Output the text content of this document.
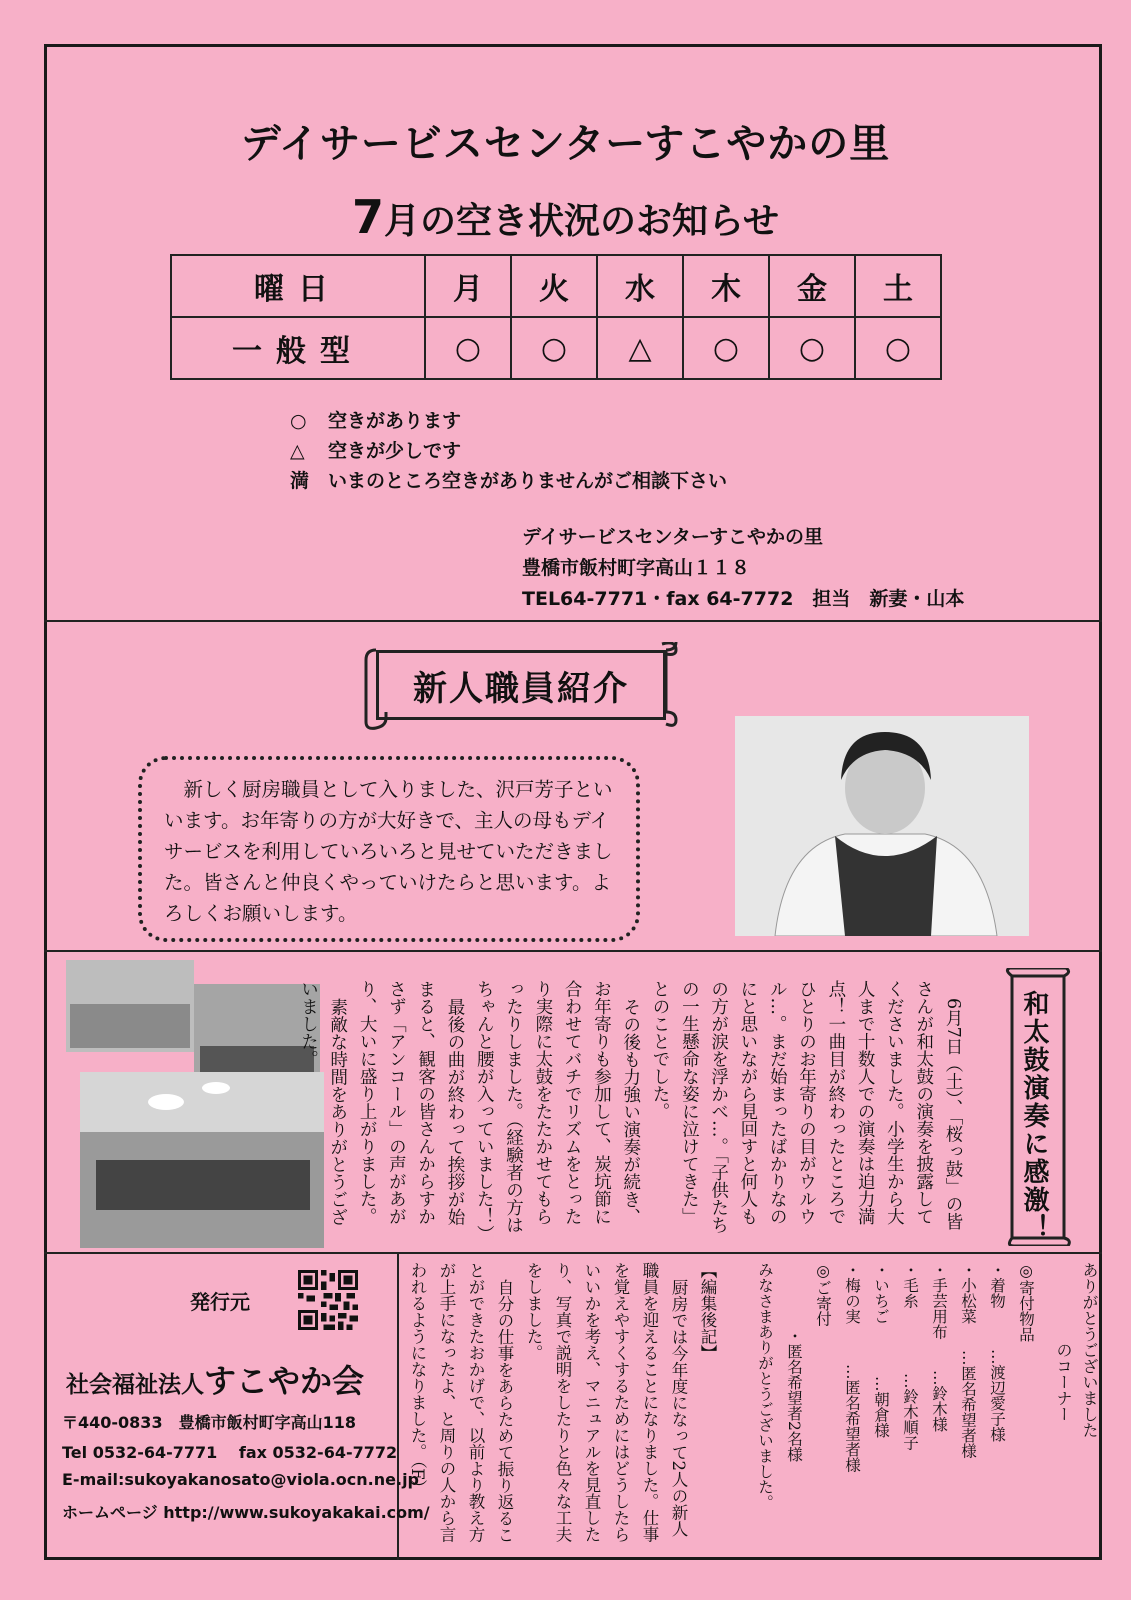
デイサービスセンターすこやかの里
7月の空き状況のお知らせ
曜日	月	火	水	木	金	土
一般型	○	○	△	○	○	○
○ 空きがあります
△ 空きが少しです
満 いまのところ空きがありませんがご相談下さい
デイサービスセンターすこやかの里
豊橋市飯村町字高山１１８
TEL64-7771・fax 64-7772　担当　新妻・山本
新人職員紹介
新しく厨房職員として入りました、沢戸芳子といいます。お年寄りの方が大好きで、主人の母もデイサービスを利用していろいろと見せていただきました。皆さんと仲良くやっていけたらと思います。よろしくお願いします。
和太鼓演奏に感激！

6月7日（土）、「桜っ鼓」の皆さんが和太鼓の演奏を披露してくださいました。小学生から大人まで十数人での演奏は迫力満点！一曲目が終わったところでひとりのお年寄りの目がウルウル…。まだ始まったばかりなのにと思いながら見回すと何人もの方が涙を浮かべ…。「子供たちの一生懸命な姿に泣けてきた」とのことでした。

その後も力強い演奏が続き、お年寄りも参加して、炭坑節に合わせてバチでリズムをとったり実際に太鼓をたたかせてもらったりしました。（経験者の方はちゃんと腰が入っていました！）

最後の曲が終わって挨拶が始まると、観客の皆さんからすかさず「アンコール」の声があがり、大いに盛り上がりました。

素敵な時間をありがとうございました。

ありがとうございました
のコーナー
◎寄付物品
・着物…渡辺愛子様
・小松菜…匿名希望者様
・手芸用布…鈴木様
・毛糸…鈴木順子
・いちご…朝倉様
・梅の実…匿名希望者様
◎ご寄付
・匿名希望者2名様
みなさまありがとうございました。
【編集後記】
厨房では今年度になって2人の新人職員を迎えることになりました。仕事を覚えやすくするためにはどうしたらいいかを考え、マニュアルを見直したり、写真で説明をしたりと色々な工夫をしました。
自分の仕事をあらためて振り返ることができたおかげで、以前より教え方が上手になったよ、と周りの人から言われるようになりました。（F）
発行元
社会福祉法人すこやか会
〒440-0833　豊橋市飯村町字高山118
Tel 0532-64-7771　 fax 0532-64-7772
E-mail:sukoyakanosato@viola.ocn.ne.jp
ホームページ http://www.sukoyakakai.com/
